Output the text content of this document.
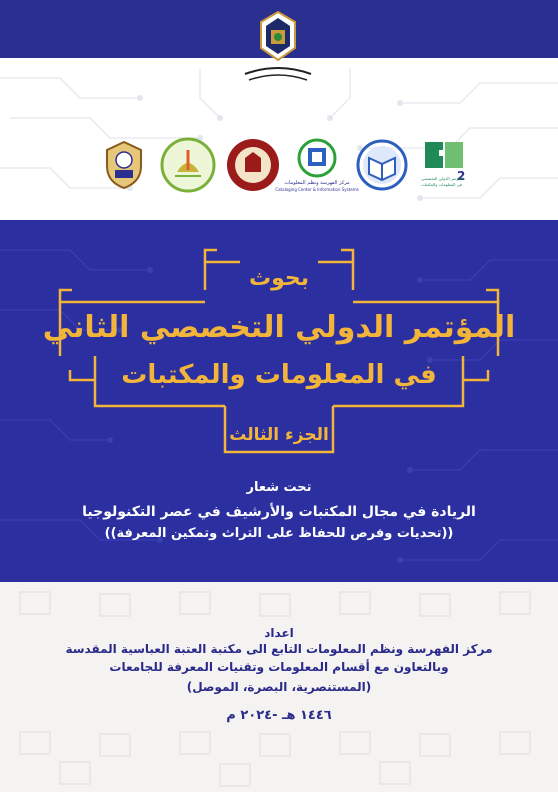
2
المؤتمر الدولي التخصصي
في المعلومات والمكتبات
مركز الفهرسة ونظم المعلومات
Cataloging Center & Information Systems
بحوث
المؤتمر الدولي التخصصي الثاني
في المعلومات والمكتبات
الجزء الثالث
تحت شعار
الريادة في مجال المكتبات والأرشيف في عصر التكنولوجيا
((تحديات وفرص للحفاظ على التراث وتمكين المعرفة))
اعداد
مركز الفهرسة ونظم المعلومات التابع الى مكتبة العتبة العباسية المقدسة
وبالتعاون مع أقسام المعلومات وتقنيات المعرفة للجامعات
(المستنصرية، البصرة، الموصل)
١٤٤٦ هـ -٢٠٢٤ م
